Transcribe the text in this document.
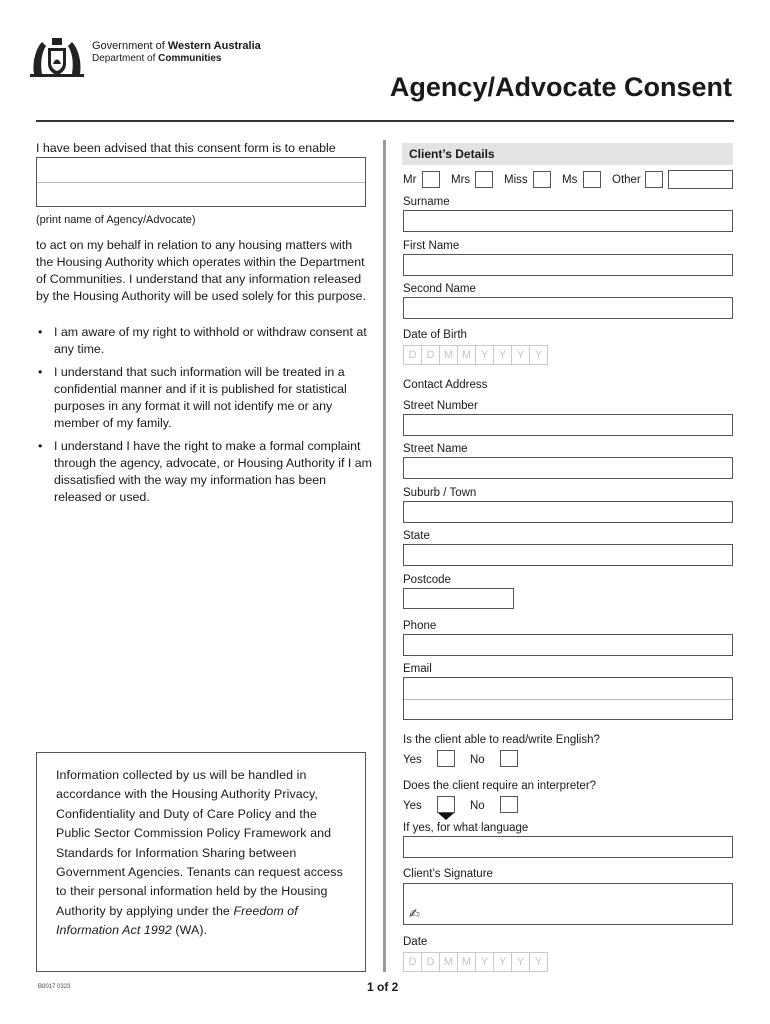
Government of Western Australia
Department of Communities
Agency/Advocate Consent
I have been advised that this consent form is to enable
(print name of Agency/Advocate)
to act on my behalf in relation to any housing matters with the Housing Authority which operates within the Department of Communities. I understand that any information released by the Housing Authority will be used solely for this purpose.
• I am aware of my right to withhold or withdraw consent at any time.
• I understand that such information will be treated in a confidential manner and if it is published for statistical purposes in any format it will not identify me or any member of my family.
• I understand I have the right to make a formal complaint through the agency, advocate, or Housing Authority if I am dissatisfied with the way my information has been released or used.
Information collected by us will be handled in accordance with the Housing Authority Privacy, Confidentiality and Duty of Care Policy and the Public Sector Commission Policy Framework and Standards for Information Sharing between Government Agencies. Tenants can request access to their personal information held by the Housing Authority by applying under the Freedom of Information Act 1992 (WA).
Client’s Details
Mr	Mrs	Miss	Ms	Other
Surname
First Name
Second Name
Date of Birth
D D M M Y Y Y Y
Contact Address
Street Number
Street Name
Suburb / Town
State
Postcode
Phone
Email
Is the client able to read/write English?
Yes	No
Does the client require an interpreter?
Yes	No
If yes, for what language
Client’s Signature
✍
Date
D D M M Y Y Y Y
B0017 0323	1 of 2
